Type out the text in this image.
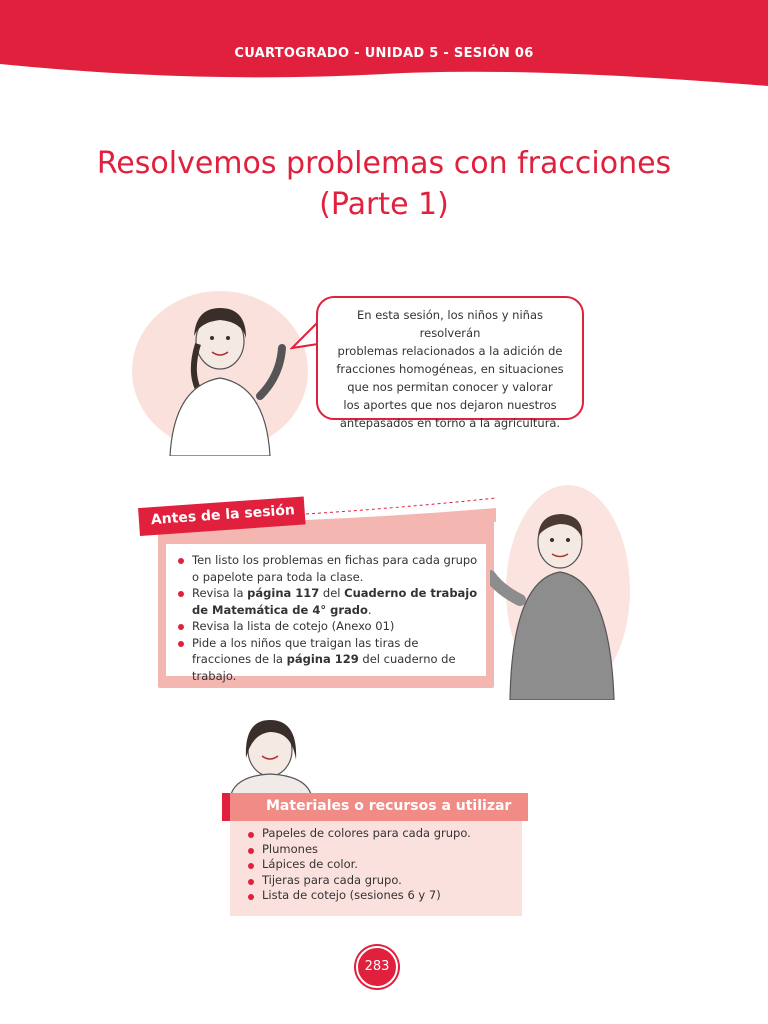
CUARTOGRADO - UNIDAD 5 - SESIÓN 06
Resolvemos problemas con fracciones
(Parte 1)
En esta sesión, los niños y niñas resolverán
problemas relacionados a la adición de
fracciones homogéneas, en situaciones
que nos permitan conocer y valorar
los aportes que nos dejaron nuestros
antepasados en torno a la agricultura.
Antes de la sesión
Ten listo los problemas en fichas para cada grupo o papelote para toda la clase.
Revisa la página 117 del Cuaderno de trabajo de Matemática de 4° grado.
Revisa la lista de cotejo (Anexo 01)
Pide a los niños que traigan las tiras de fracciones de la página 129 del cuaderno de trabajo.
Materiales o recursos a utilizar
Papeles de colores para cada grupo.
Plumones
Lápices de color.
Tijeras para cada grupo.
Lista de cotejo (sesiones 6 y 7)
283
